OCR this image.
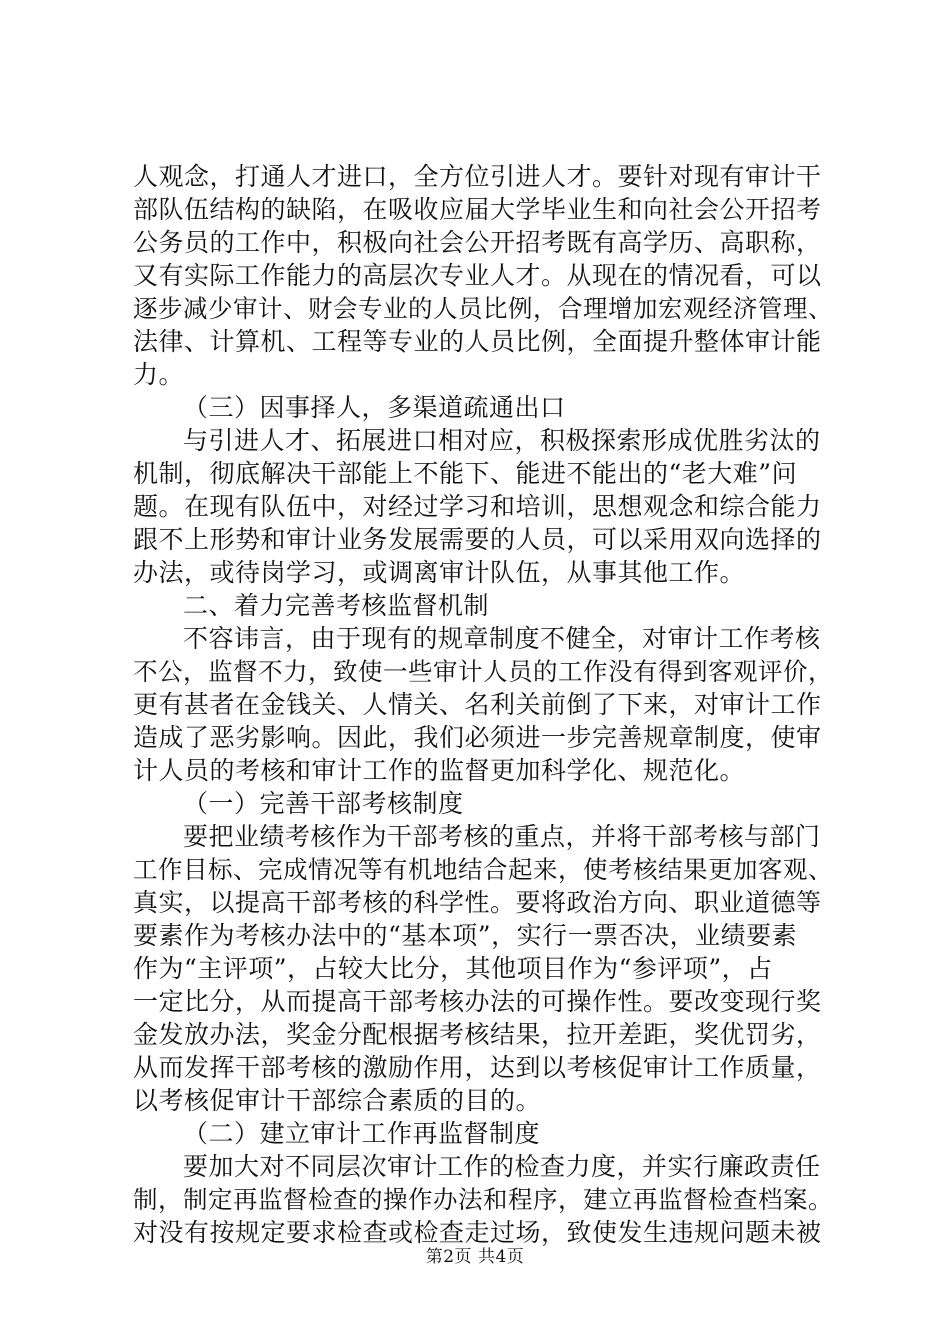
人观念，打通人才进口，全方位引进人才。要针对现有审计干
部队伍结构的缺陷，在吸收应届大学毕业生和向社会公开招考
公务员的工作中，积极向社会公开招考既有高学历、高职称，
又有实际工作能力的高层次专业人才。从现在的情况看，可以
逐步减少审计、财会专业的人员比例，合理增加宏观经济管理、
法律、计算机、工程等专业的人员比例，全面提升整体审计能
力。
（三）因事择人，多渠道疏通出口
与引进人才、拓展进口相对应，积极探索形成优胜劣汰的
机制，彻底解决干部能上不能下、能进不能出的“老大难”问
题。在现有队伍中，对经过学习和培训，思想观念和综合能力
跟不上形势和审计业务发展需要的人员，可以采用双向选择的
办法，或待岗学习，或调离审计队伍，从事其他工作。
二、着力完善考核监督机制
不容讳言，由于现有的规章制度不健全，对审计工作考核
不公，监督不力，致使一些审计人员的工作没有得到客观评价，
更有甚者在金钱关、人情关、名利关前倒了下来，对审计工作
造成了恶劣影响。因此，我们必须进一步完善规章制度，使审
计人员的考核和审计工作的监督更加科学化、规范化。
（一）完善干部考核制度
要把业绩考核作为干部考核的重点，并将干部考核与部门
工作目标、完成情况等有机地结合起来，使考核结果更加客观、
真实，以提高干部考核的科学性。要将政治方向、职业道德等
要素作为考核办法中的“基本项”，实行一票否决，业绩要素
作为“主评项”，占较大比分，其他项目作为“参评项”，占
一定比分，从而提高干部考核办法的可操作性。要改变现行奖
金发放办法，奖金分配根据考核结果，拉开差距，奖优罚劣，
从而发挥干部考核的激励作用，达到以考核促审计工作质量，
以考核促审计干部综合素质的目的。
（二）建立审计工作再监督制度
要加大对不同层次审计工作的检查力度，并实行廉政责任
制，制定再监督检查的操作办法和程序，建立再监督检查档案。
对没有按规定要求检查或检查走过场，致使发生违规问题未被
第2页 共4页
